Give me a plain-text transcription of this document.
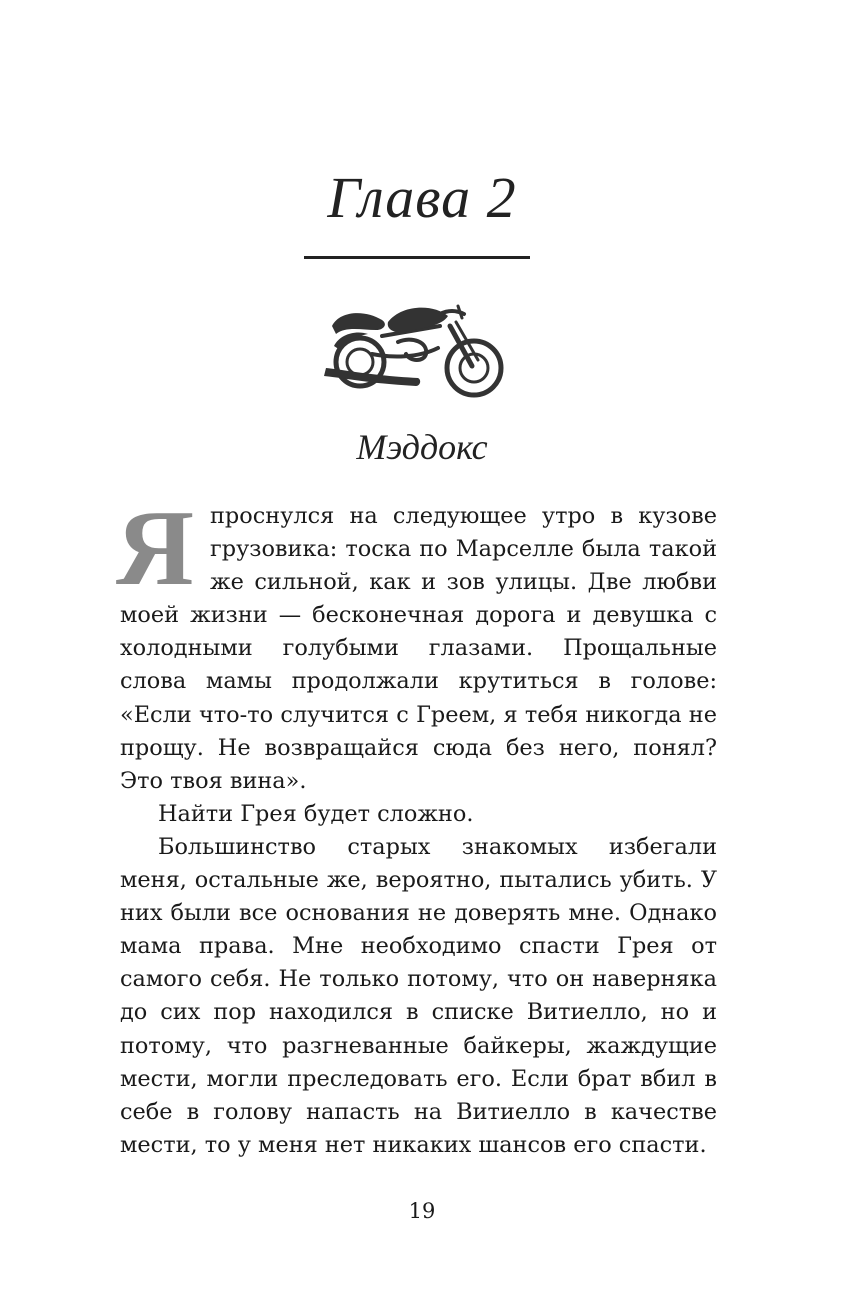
Глава 2
Мэддокс

Я проснулся на следующее утро в кузове грузовика: тоска по Марселле была такой же сильной, как и зов улицы. Две любви моей жизни — бесконечная дорога и девушка с холодными голубыми глазами. Прощальные слова мамы продолжали крутиться в голове: «Если что-то случится с Греем, я тебя никогда не прощу. Не возвращайся сюда без него, понял? Это твоя вина».

Найти Грея будет сложно.

Большинство старых знакомых избегали меня, остальные же, вероятно, пытались убить. У них были все основания не доверять мне. Однако мама права. Мне необходимо спасти Грея от самого себя. Не только потому, что он наверняка до сих пор находился в списке Витиелло, но и потому, что разгневанные байкеры, жаждущие мести, могли преследовать его. Если брат вбил в себе в голову напасть на Витиелло в качестве мести, то у меня нет никаких шансов его спасти.

19
